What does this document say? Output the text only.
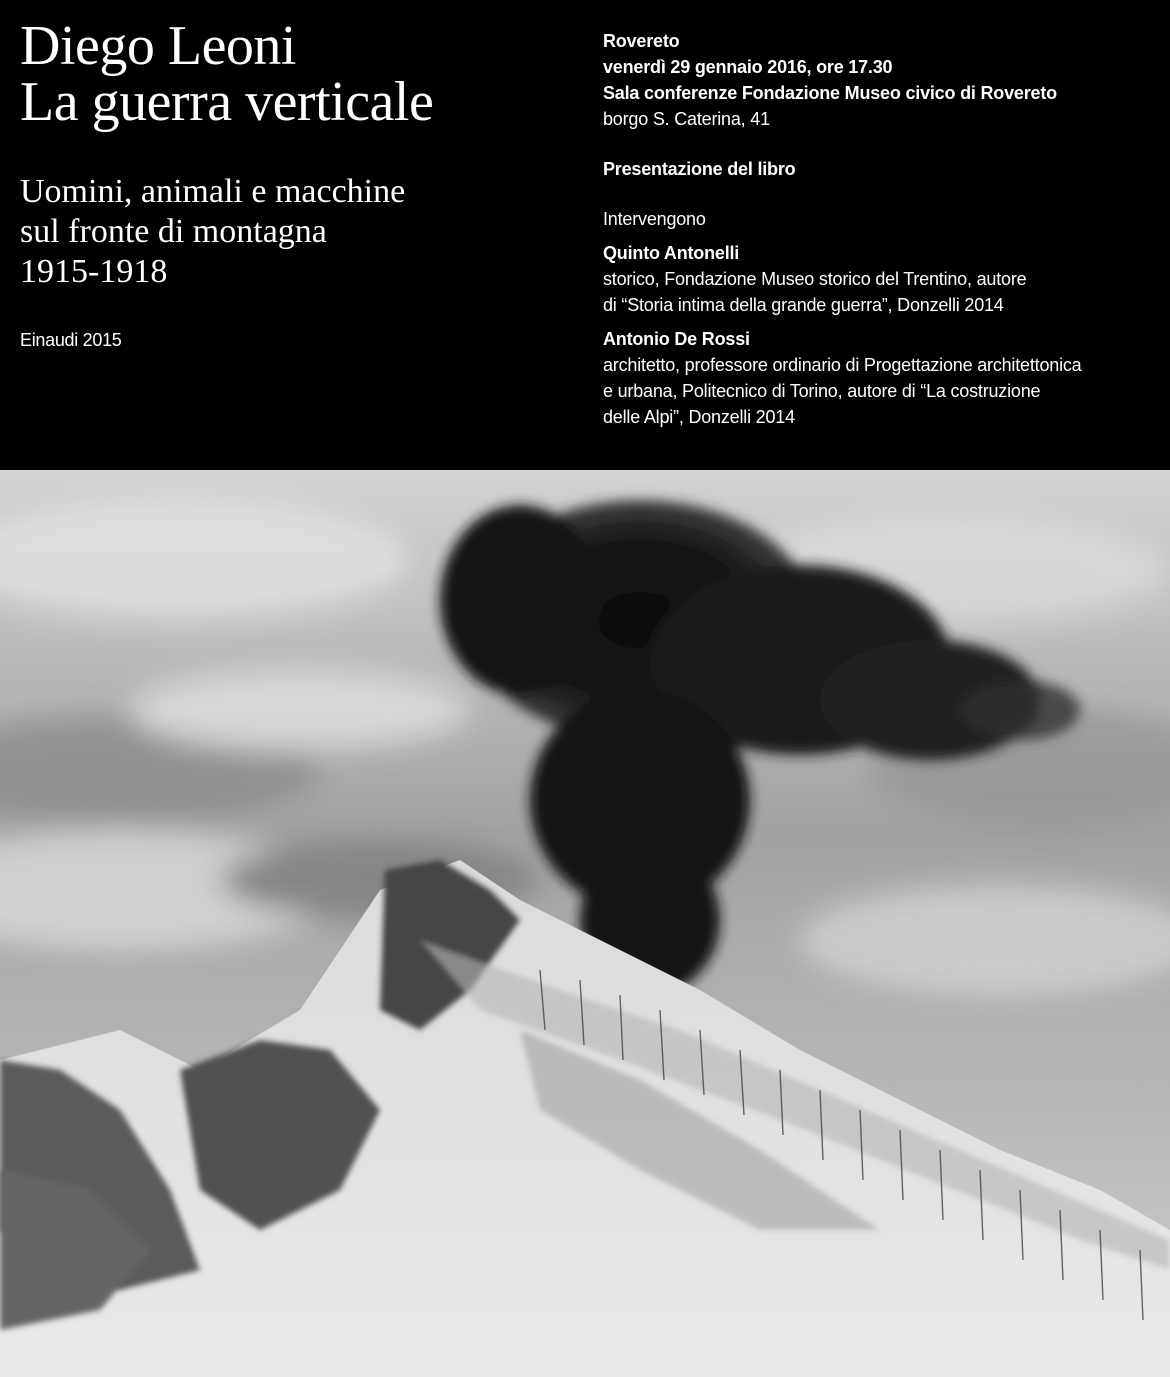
Diego Leoni
La guerra verticale
Uomini, animali e macchine
sul fronte di montagna
1915-1918
Einaudi 2015
Rovereto
venerdì 29 gennaio 2016, ore 17.30
Sala conferenze Fondazione Museo civico di Rovereto
borgo S. Caterina, 41
Presentazione del libro
Intervengono
Quinto Antonelli
storico, Fondazione Museo storico del Trentino, autore
di “Storia intima della grande guerra”, Donzelli 2014
Antonio De Rossi
architetto, professore ordinario di Progettazione architettonica
e urbana, Politecnico di Torino, autore di “La costruzione
delle Alpi”, Donzelli 2014
